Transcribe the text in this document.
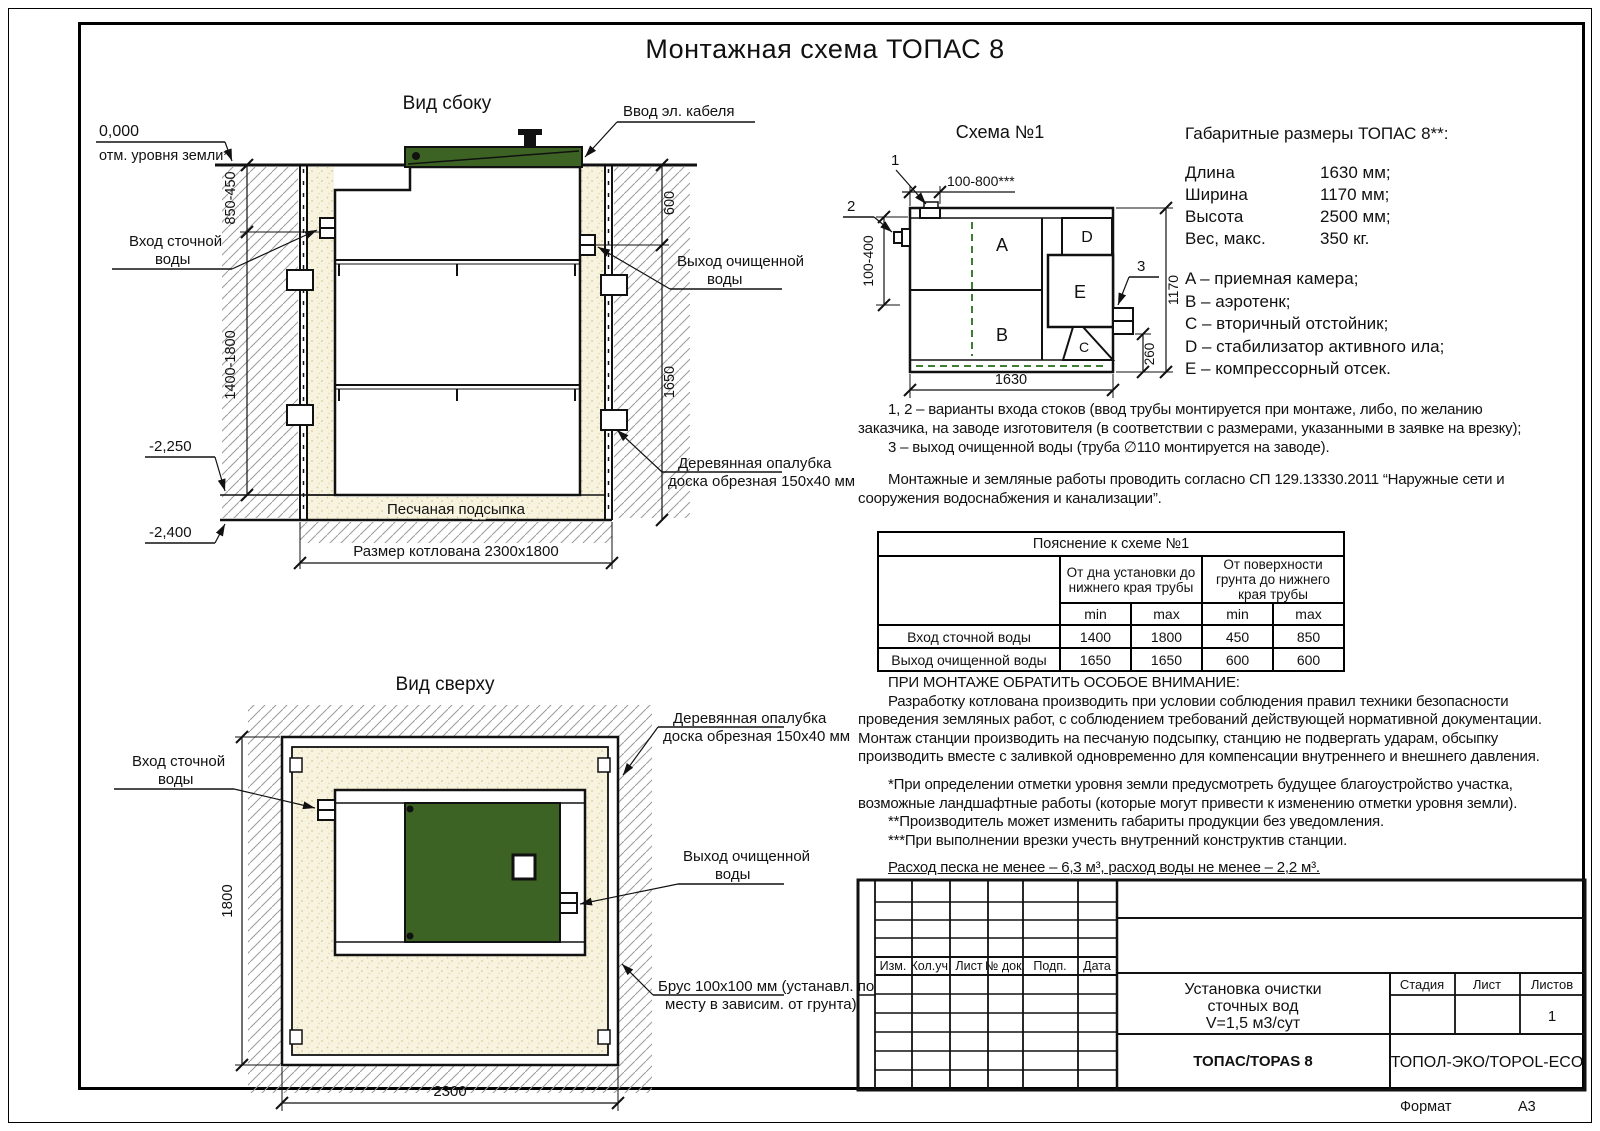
Монтажная схема ТОПАС 8
Вид сбоку
850-450
1400-1800
600
1650
Размер котлована 2300х1800
Песчаная подсыпка
-2,250
-2,400
0,000
отм. уровня земли*
Ввод эл. кабеля
Вход сточной
воды	Выход очищенной
воды
Деревянная опалубка
доска обрезная 150х40 мм
Вид сверху
1800
2300
Вход сточной
воды
Деревянная опалубка
доска обрезная 150х40 мм
Выход очищенной
воды
Брус 100х100 мм (устанавл. по
месту в зависим. от грунта)
Схема №1
A
B
C
D
E
1
2
3
100-800***
100-400
1170
260
1630
Габаритные размеры ТОПАС 8**:
Длина	1630 мм;
Ширина	1170 мм;
Высота	2500 мм;
Вес, макс.	350 кг.
A – приемная камера;
B – аэротенк;
C – вторичный отстойник;
D – стабилизатор активного ила;
E – компрессорный отсек.

1, 2 – варианты входа стоков (ввод трубы монтируется при монтаже, либо, по желанию заказчика, на заводе изготовителя (в соответствии с размерами, указанными в заявке на врезку);

3 – выход очищенной воды (труба ∅110 монтируется на заводе).

Монтажные и земляные работы проводить согласно СП 129.13330.2011 “Наружные сети и сооружения водоснабжения и канализации”.

Пояснение к схеме №1				
	От дна установки до нижнего края трубы		От поверхности грунта до нижнего края трубы	
	min	max	min	max
Вход сточной воды	1400	1800	450	850
Выход очищенной воды	1650	1650	600	600

ПРИ МОНТАЖЕ ОБРАТИТЬ ОСОБОЕ ВНИМАНИЕ:

Разработку котлована производить при условии соблюдения правил техники безопасности проведения земляных работ, с соблюдением требований действующей нормативной документации. Монтаж станции производить на песчаную подсыпку, станцию не подвергать ударам, обсыпку производить вместе с заливкой одновременно для компенсации внутреннего и внешнего давления.

*При определении отметки уровня земли предусмотреть будущее благоустройство участка, возможные ландшафтные работы (которые могут привести к изменению отметки уровня земли).

**Производитель может изменить габариты продукции без уведомления.

***При выполнении врезки учесть внутренний конструктив станции.

Расход песка не менее – 6,3 м³, расход воды не менее – 2,2 м³.

Изм. Кол.уч. Лист № док. Подп. Дата
Стадия Лист Листов
1
Установка очистки
сточных вод
V=1,5 м3/сут
ТОПАС/TOPAS 8	ТОПОЛ-ЭКО/TOPOL-ECO
Формат	А3
